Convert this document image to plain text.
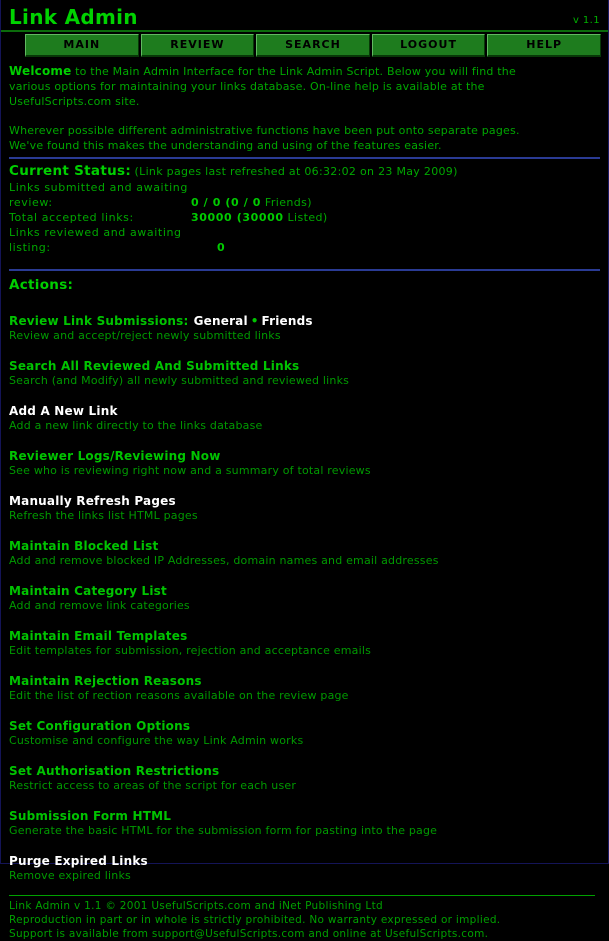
Link Admin	v 1.1
MAIN	REVIEW	SEARCH	LOGOUT	HELP
Welcome to the Main Admin Interface for the Link Admin Script. Below you will find the
various options for maintaining your links database. On-line help is available at the
UsefulScripts.com site.
Wherever possible different administrative functions have been put onto separate pages.
We've found this makes the understanding and using of the features easier.
Current Status: (Link pages last refreshed at 06:32:02 on 23 May 2009)
Links submitted and awaiting review:	0 / 0 (0 / 0 Friends)
Total accepted links:	30000 (30000 Listed)
Links reviewed and awaiting listing:	0
Actions:
Review Link Submissions: General • Friends
Review and accept/reject newly submitted links
Search All Reviewed And Submitted Links
Search (and Modify) all newly submitted and reviewed links
Add A New Link
Add a new link directly to the links database
Reviewer Logs/Reviewing Now
See who is reviewing right now and a summary of total reviews
Manually Refresh Pages
Refresh the links list HTML pages
Maintain Blocked List
Add and remove blocked IP Addresses, domain names and email addresses
Maintain Category List
Add and remove link categories
Maintain Email Templates
Edit templates for submission, rejection and acceptance emails
Maintain Rejection Reasons
Edit the list of rection reasons available on the review page
Set Configuration Options
Customise and configure the way Link Admin works
Set Authorisation Restrictions
Restrict access to areas of the script for each user
Submission Form HTML
Generate the basic HTML for the submission form for pasting into the page
Purge Expired Links
Remove expired links
Link Admin v 1.1 © 2001 UsefulScripts.com and iNet Publishing Ltd
Reproduction in part or in whole is strictly prohibited. No warranty expressed or implied.
Support is available from support@UsefulScripts.com and online at UsefulScripts.com.
